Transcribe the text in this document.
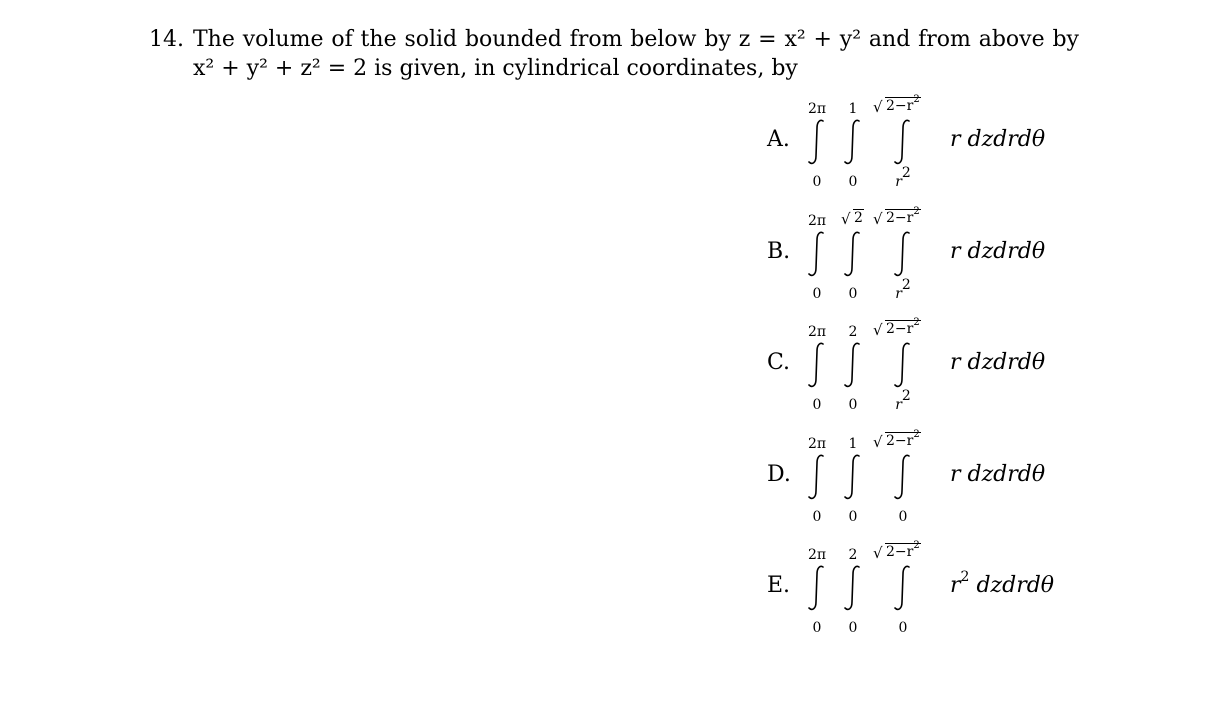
14. The volume of the solid bounded from below by z = x² + y² and from above by
x² + y² + z² = 2 is given, in cylindrical coordinates, by
A.
2π
0
1
0
√ $2-r^2$
$r^2$
r dzdrdθ
B.
2π
0
√ 2
0
√ $2-r^2$
$r^2$
r dzdrdθ
C.
2π
0
2
0
√ $2-r^2$
$r^2$
r dzdrdθ
D.
2π
0
1
0
√ $2-r^2$
0
r dzdrdθ
E.
2π
0
2
0
√ $2-r^2$
0
$r^2$ dzdrdθ
